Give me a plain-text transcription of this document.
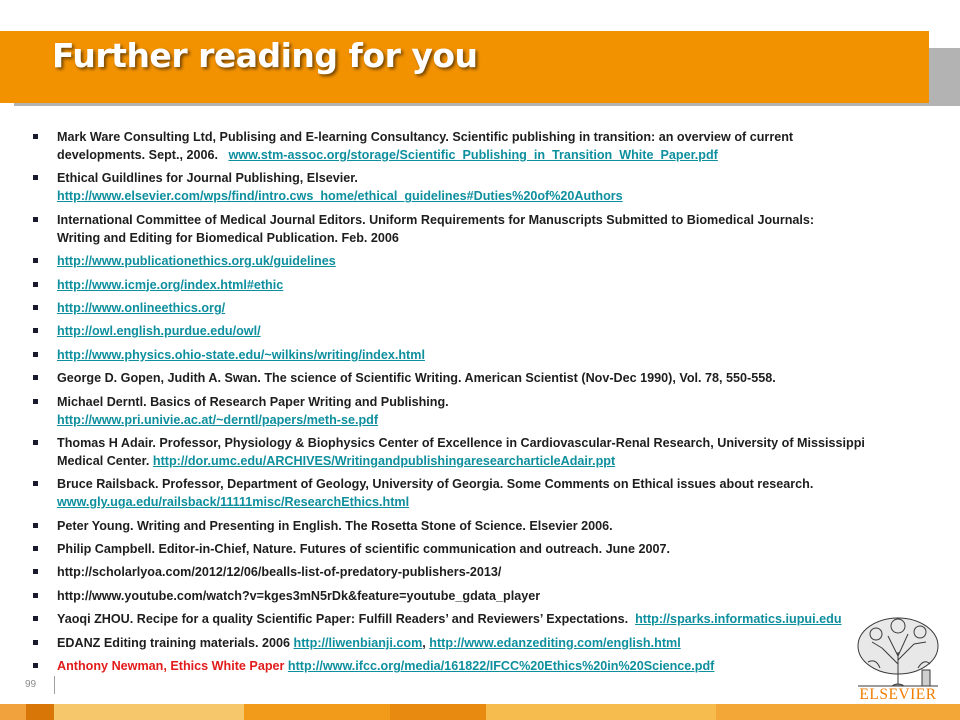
Further reading for you
Mark Ware Consulting Ltd, Publising and E-learning Consultancy. Scientific publishing in transition: an overview of current
developments. Sept., 2006. www.stm-assoc.org/storage/Scientific_Publishing_in_Transition_White_Paper.pdf
Ethical Guildlines for Journal Publishing, Elsevier.
http://www.elsevier.com/wps/find/intro.cws_home/ethical_guidelines#Duties%20of%20Authors
International Committee of Medical Journal Editors. Uniform Requirements for Manuscripts Submitted to Biomedical Journals:
Writing and Editing for Biomedical Publication. Feb. 2006
http://www.publicationethics.org.uk/guidelines
http://www.icmje.org/index.html#ethic
http://www.onlineethics.org/
http://owl.english.purdue.edu/owl/
http://www.physics.ohio-state.edu/~wilkins/writing/index.html
George D. Gopen, Judith A. Swan. The science of Scientific Writing. American Scientist (Nov-Dec 1990), Vol. 78, 550-558.
Michael Derntl. Basics of Research Paper Writing and Publishing.
http://www.pri.univie.ac.at/~derntl/papers/meth-se.pdf
Thomas H Adair. Professor, Physiology & Biophysics Center of Excellence in Cardiovascular-Renal Research, University of Mississippi
Medical Center. http://dor.umc.edu/ARCHIVES/WritingandpublishingaresearcharticleAdair.ppt
Bruce Railsback. Professor, Department of Geology, University of Georgia. Some Comments on Ethical issues about research.
www.gly.uga.edu/railsback/11111misc/ResearchEthics.html
Peter Young. Writing and Presenting in English. The Rosetta Stone of Science. Elsevier 2006.
Philip Campbell. Editor-in-Chief, Nature. Futures of scientific communication and outreach. June 2007.
http://scholarlyoa.com/2012/12/06/bealls-list-of-predatory-publishers-2013/
http://www.youtube.com/watch?v=kges3mN5rDk&feature=youtube_gdata_player
Yaoqi ZHOU. Recipe for a quality Scientific Paper: Fulfill Readers’ and Reviewers’ Expectations. http://sparks.informatics.iupui.edu
EDANZ Editing training materials. 2006 http://liwenbianji.com, http://www.edanzediting.com/english.html
Anthony Newman, Ethics White Paper http://www.ifcc.org/media/161822/IFCC%20Ethics%20in%20Science.pdf
ELSEVIER
99
